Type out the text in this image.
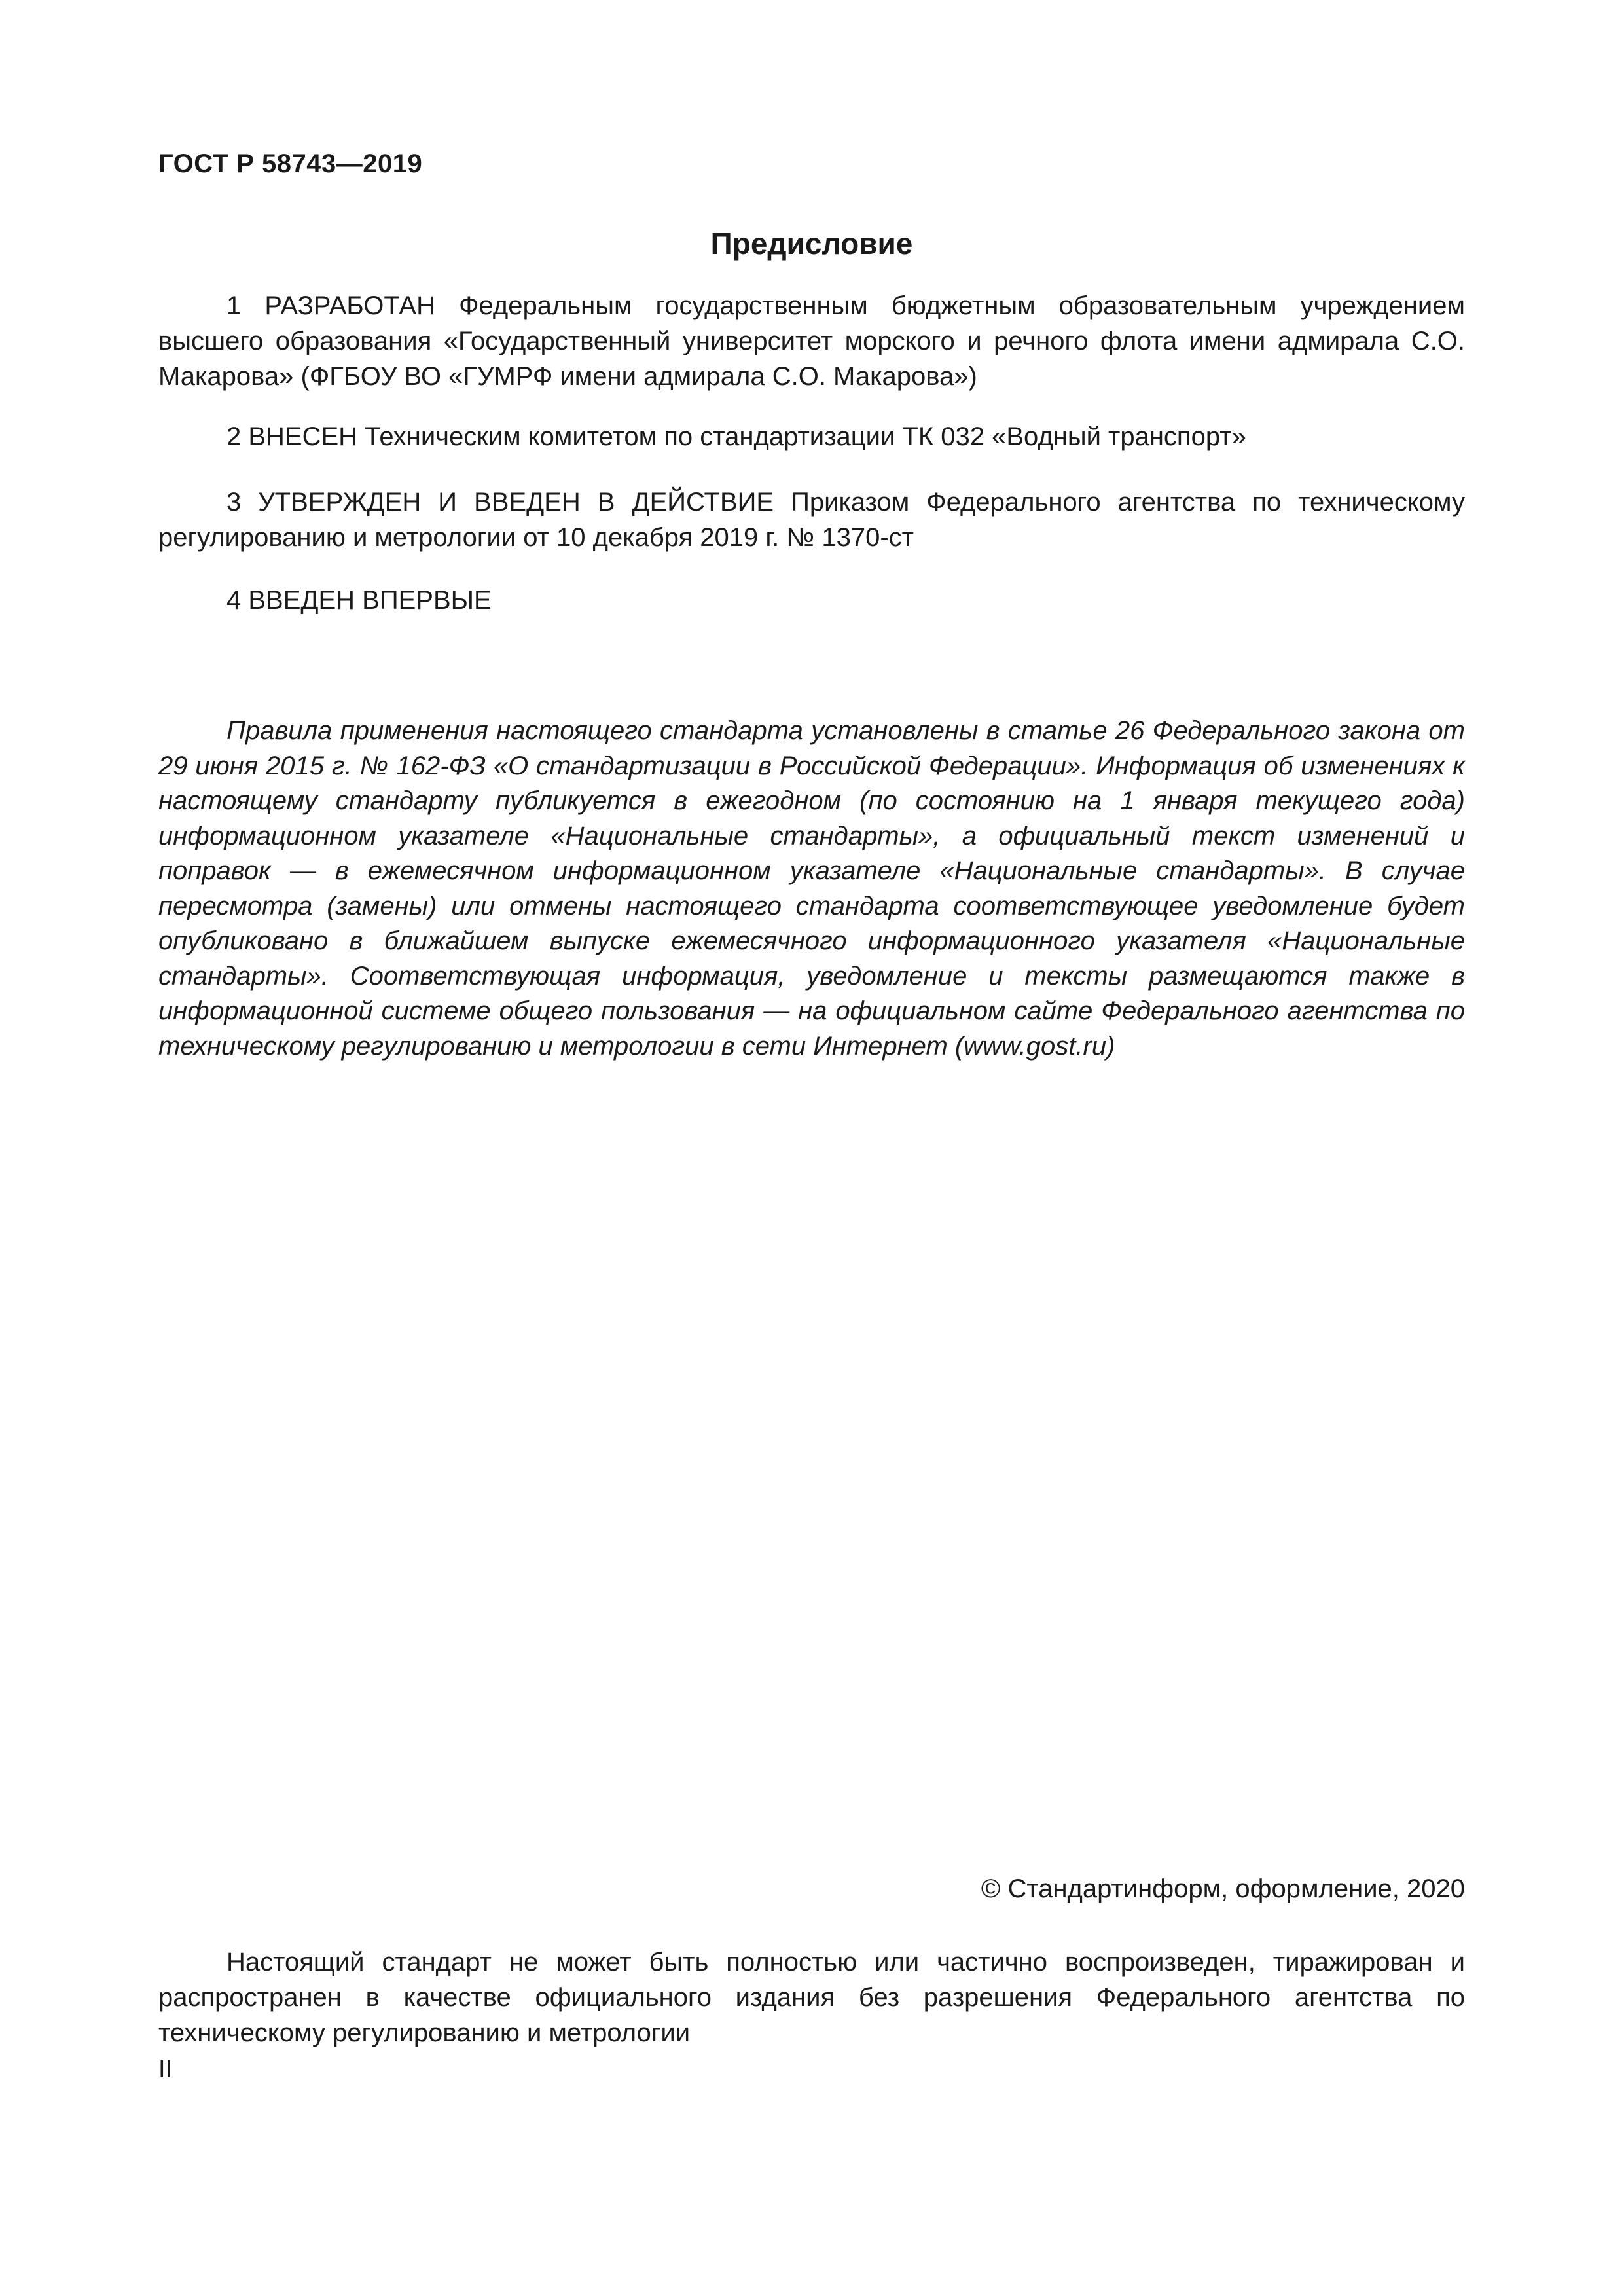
ГОСТ Р 58743—2019
Предисловие
1 РАЗРАБОТАН Федеральным государственным бюджетным образовательным учреждением высшего образования «Государственный университет морского и речного флота имени адмирала С.О. Макарова» (ФГБОУ ВО «ГУМРФ имени адмирала С.О. Макарова»)
2 ВНЕСЕН Техническим комитетом по стандартизации ТК 032 «Водный транспорт»
3 УТВЕРЖДЕН И ВВЕДЕН В ДЕЙСТВИЕ Приказом Федерального агентства по техническому регулированию и метрологии от 10 декабря 2019 г. № 1370-ст
4 ВВЕДЕН ВПЕРВЫЕ
Правила применения настоящего стандарта установлены в статье 26 Федерального закона от 29 июня 2015 г. № 162-ФЗ «О стандартизации в Российской Федерации». Информация об изменениях к настоящему стандарту публикуется в ежегодном (по состоянию на 1 января текущего года) информационном указателе «Национальные стандарты», а официальный текст изменений и поправок — в ежемесячном информационном указателе «Национальные стандарты». В случае пересмотра (замены) или отмены настоящего стандарта соответствующее уведомление будет опубликовано в ближайшем выпуске ежемесячного информационного указателя «Национальные стандарты». Соответствующая информация, уведомление и тексты размещаются также в информационной системе общего пользования — на официальном сайте Федерального агентства по техническому регулированию и метрологии в сети Интернет (www.gost.ru)
© Стандартинформ, оформление, 2020
Настоящий стандарт не может быть полностью или частично воспроизведен, тиражирован и распространен в качестве официального издания без разрешения Федерального агентства по техническому регулированию и метрологии
II
